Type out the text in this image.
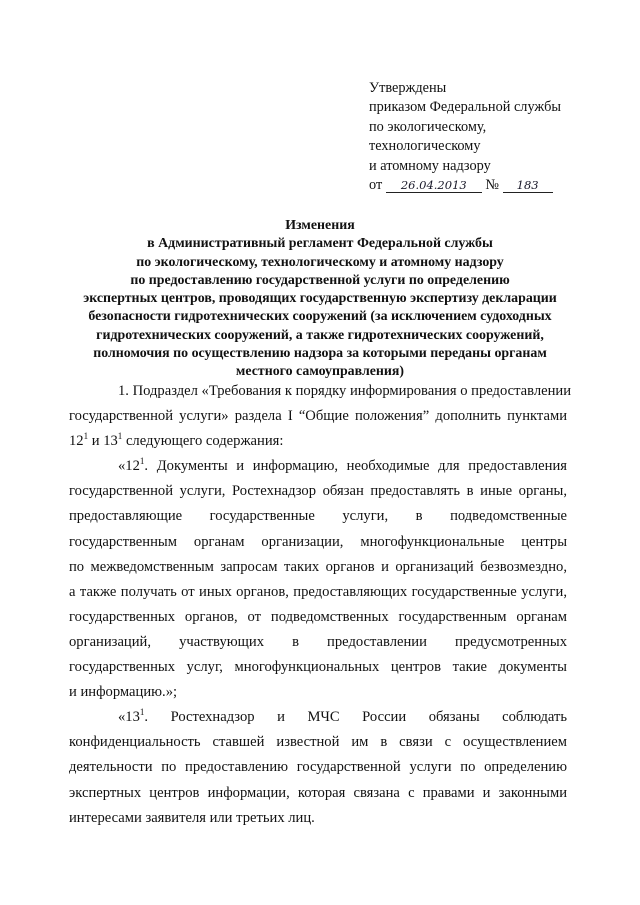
Утверждены
приказом Федеральной службы
по экологическому,
технологическому
и атомному надзору
от 26.04.2013 № 183
Изменения
в Административный регламент Федеральной службы
по экологическому, технологическому и атомному надзору
по предоставлению государственной услуги по определению
экспертных центров, проводящих государственную экспертизу декларации
безопасности гидротехнических сооружений (за исключением судоходных
гидротехнических сооружений, а также гидротехнических сооружений,
полномочия по осуществлению надзора за которыми переданы органам
местного самоуправления)

1. Подраздел «Требования к порядку информирования о предоставлении
государственной услуги» раздела I “Общие положения” дополнить пунктами
$12^1$ и $13^1$ следующего содержания:

«$12^1$. Документы и информацию, необходимые для предоставления
государственной услуги, Ростехнадзор обязан предоставлять в иные органы,
предоставляющие государственные услуги, в подведомственные
государственным органам организации, многофункциональные центры
по межведомственным запросам таких органов и организаций безвозмездно,
а также получать от иных органов, предоставляющих государственные услуги,
государственных органов, от подведомственных государственным органам
организаций, участвующих в предоставлении предусмотренных
государственных услуг, многофункциональных центров такие документы
и информацию.»;

«$13^1$. Ростехнадзор и МЧС России обязаны соблюдать
конфиденциальность ставшей известной им в связи с осуществлением
деятельности по предоставлению государственной услуги по определению
экспертных центров информации, которая связана с правами и законными
интересами заявителя или третьих лиц.
